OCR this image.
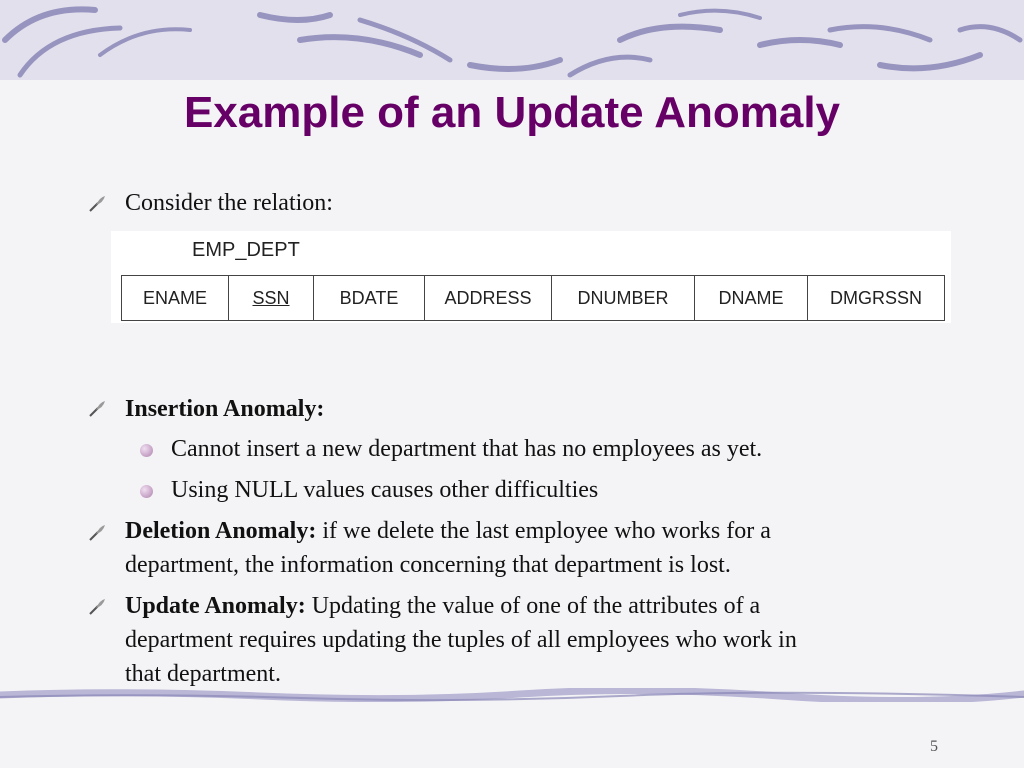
Example of an Update Anomaly
Consider the relation:
EMP_DEPT
ENAME	SSN	BDATE	ADDRESS	DNUMBER	DNAME	DMGRSSN
Insertion Anomaly:
Cannot insert a new department that has no employees as yet.
Using NULL values causes other difficulties
Deletion Anomaly: if we delete the last employee who works for a
department, the information concerning that department is lost.
Update Anomaly: Updating the value of one of the attributes of a
department requires updating the tuples of all employees who work in
that department.
5
